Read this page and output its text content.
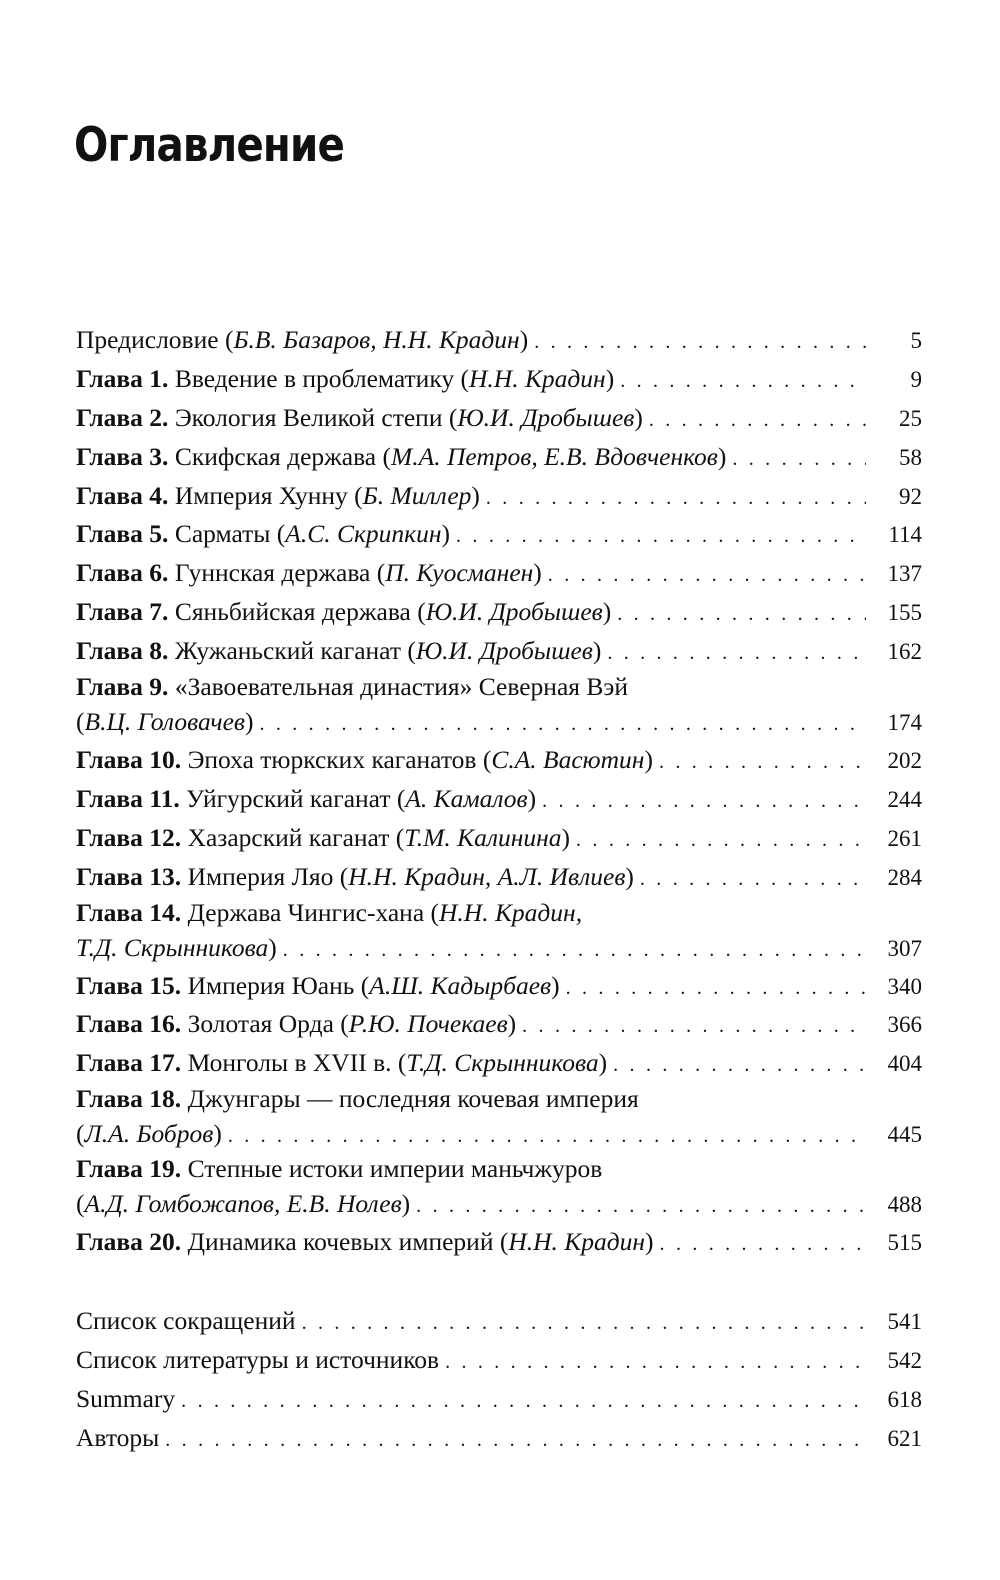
Оглавление
Предисловие (Б.В. Базаров, Н.Н. Крадин) . . .	5
Глава 1. Введение в проблематику (Н.Н. Крадин) . . .	9
Глава 2. Экология Великой степи (Ю.И. Дробышев) . . .	25
Глава 3. Скифская держава (М.А. Петров, Е.В. Вдовченков) . . .	58
Глава 4. Империя Хунну (Б. Миллер) . . .	92
Глава 5. Сарматы (А.С. Скрипкин) . . .	114
Глава 6. Гуннская держава (П. Куосманен) . . .	137
Глава 7. Сяньбийская держава (Ю.И. Дробышев) . . .	155
Глава 8. Жужаньский каганат (Ю.И. Дробышев) . . .	162
Глава 9. «Завоевательная династия» Северная Вэй
(В.Ц. Головачев) . . .	174
Глава 10. Эпоха тюркских каганатов (С.А. Васютин) . . .	202
Глава 11. Уйгурский каганат (А. Камалов) . . .	244
Глава 12. Хазарский каганат (Т.М. Калинина) . . .	261
Глава 13. Империя Ляо (Н.Н. Крадин, А.Л. Ивлиев) . . .	284
Глава 14. Держава Чингис-хана (Н.Н. Крадин,
Т.Д. Скрынникова) . . .	307
Глава 15. Империя Юань (А.Ш. Кадырбаев) . . .	340
Глава 16. Золотая Орда (Р.Ю. Почекаев) . . .	366
Глава 17. Монголы в XVII в. (Т.Д. Скрынникова) . . .	404
Глава 18. Джунгары — последняя кочевая империя
(Л.А. Бобров) . . .	445
Глава 19. Степные истоки империи маньчжуров
(А.Д. Гомбожапов, Е.В. Нолев) . . .	488
Глава 20. Динамика кочевых империй (Н.Н. Крадин) . . .	515
Список сокращений . . .	541
Список литературы и источников . . .	542
Summary . . .	618
Авторы . . .	621
